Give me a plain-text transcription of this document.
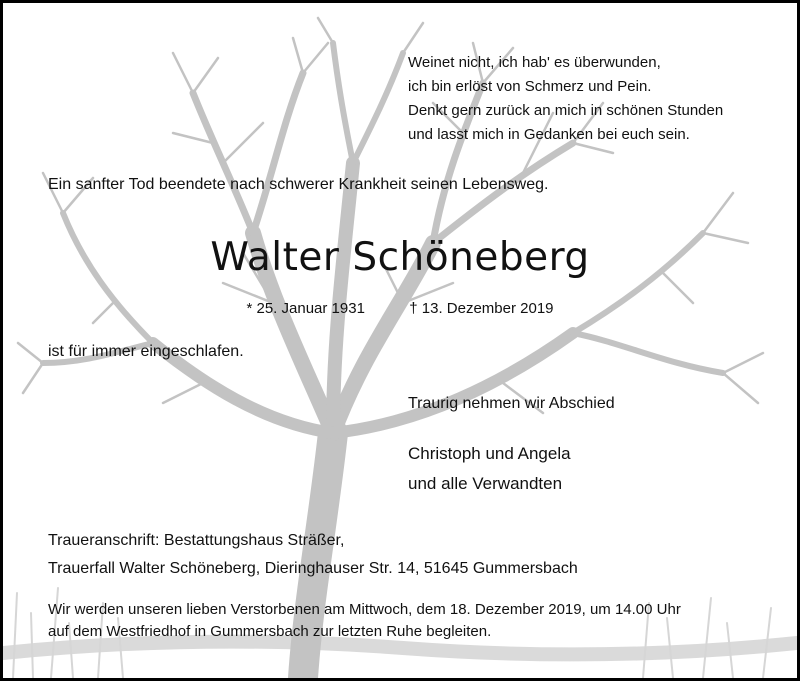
Weinet nicht, ich hab' es überwunden,
ich bin erlöst von Schmerz und Pein.
Denkt gern zurück an mich in schönen Stunden
und lasst mich in Gedanken bei euch sein.
Ein sanfter Tod beendete nach schwerer Krankheit seinen Lebensweg.
Walter Schöneberg
* 25. Januar 1931	† 13. Dezember 2019
ist für immer eingeschlafen.
Traurig nehmen wir Abschied
Christoph und Angela
und alle Verwandten
Traueranschrift: Bestattungshaus Sträßer,
Trauerfall Walter Schöneberg, Dieringhauser Str. 14, 51645 Gummersbach
Wir werden unseren lieben Verstorbenen am Mittwoch, dem 18. Dezember 2019, um 14.00 Uhr
auf dem Westfriedhof in Gummersbach zur letzten Ruhe begleiten.
